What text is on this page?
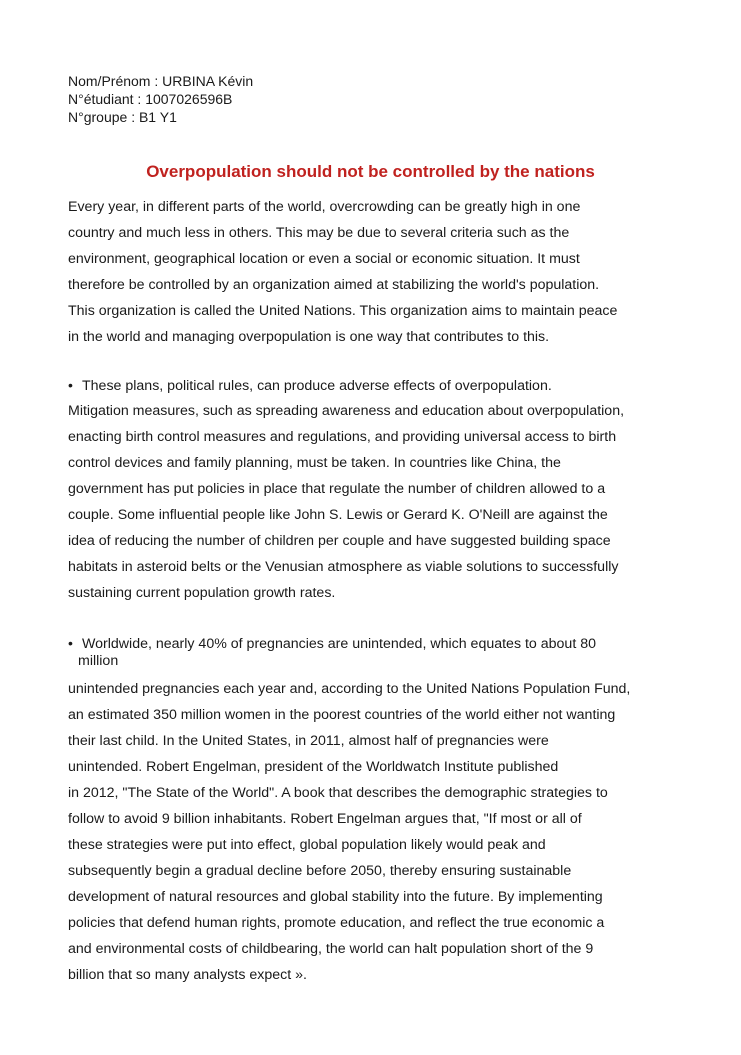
Nom/Prénom : URBINA Kévin
N°étudiant : 1007026596B
N°groupe : B1 Y1
Overpopulation should not be controlled by the nations
Every year, in different parts of the world, overcrowding can be greatly high in one
country and much less in others. This may be due to several criteria such as the
environment, geographical location or even a social or economic situation. It must
therefore be controlled by an organization aimed at stabilizing the world's population.
This organization is called the United Nations. This organization aims to maintain peace
in the world and managing overpopulation is one way that contributes to this.
• These plans, political rules, can produce adverse effects of overpopulation.
Mitigation measures, such as spreading awareness and education about overpopulation,
enacting birth control measures and regulations, and providing universal access to birth
control devices and family planning, must be taken. In countries like China, the
government has put policies in place that regulate the number of children allowed to a
couple. Some influential people like John S. Lewis or Gerard K. O'Neill are against the
idea of reducing the number of children per couple and have suggested building space
habitats in asteroid belts or the Venusian atmosphere as viable solutions to successfully
sustaining current population growth rates.
• Worldwide, nearly 40% of pregnancies are unintended, which equates to about 80
million
unintended pregnancies each year and, according to the United Nations Population Fund,
an estimated 350 million women in the poorest countries of the world either not wanting
their last child. In the United States, in 2011, almost half of pregnancies were
unintended. Robert Engelman, president of the Worldwatch Institute published
in 2012, "The State of the World". A book that describes the demographic strategies to
follow to avoid 9 billion inhabitants. Robert Engelman argues that, "If most or all of
these strategies were put into effect, global population likely would peak and
subsequently begin a gradual decline before 2050, thereby ensuring sustainable
development of natural resources and global stability into the future. By implementing
policies that defend human rights, promote education, and reflect the true economic a
and environmental costs of childbearing, the world can halt population short of the 9
billion that so many analysts expect ».
